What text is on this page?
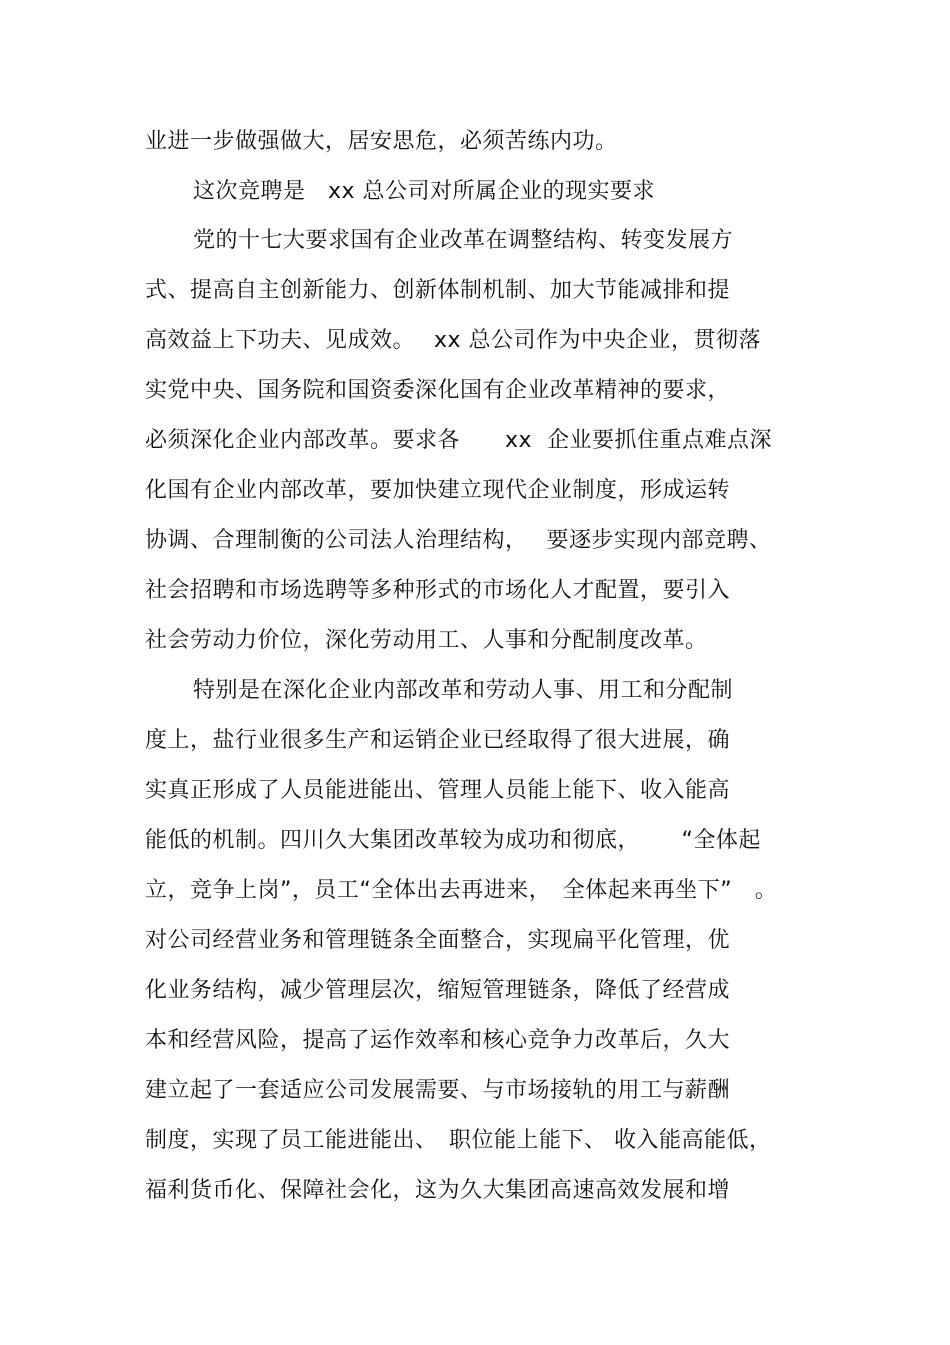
业进一步做强做大，居安思危，必须苦练内功。
这次竞聘是　xx 总公司对所属企业的现实要求
党的十七大要求国有企业改革在调整结构、转变发展方
式、提高自主创新能力、创新体制机制、加大节能减排和提
高效益上下功夫、见成效。　 xx 总公司作为中央企业，贯彻落
实党中央、国务院和国资委深化国有企业改革精神的要求，
必须深化企业内部改革。要求各　　xx  企业要抓住重点难点深
化国有企业内部改革，要加快建立现代企业制度，形成运转
协调、合理制衡的公司法人治理结构，　 要逐步实现内部竞聘、
社会招聘和市场选聘等多种形式的市场化人才配置，要引入
社会劳动力价位，深化劳动用工、人事和分配制度改革。
特别是在深化企业内部改革和劳动人事、用工和分配制
度上，盐行业很多生产和运销企业已经取得了很大进展，确
实真正形成了人员能进能出、管理人员能上能下、收入能高
能低的机制。四川久大集团改革较为成功和彻底，　　 “全体起
立，竞争上岗”，员工“全体出去再进来，　全体起来再坐下”　。
对公司经营业务和管理链条全面整合，实现扁平化管理，优
化业务结构，减少管理层次，缩短管理链条，降低了经营成
本和经营风险，提高了运作效率和核心竞争力改革后，久大
建立起了一套适应公司发展需要、与市场接轨的用工与薪酬
制度，实现了员工能进能出、　职位能上能下、 收入能高能低，
福利货币化、保障社会化，这为久大集团高速高效发展和增
